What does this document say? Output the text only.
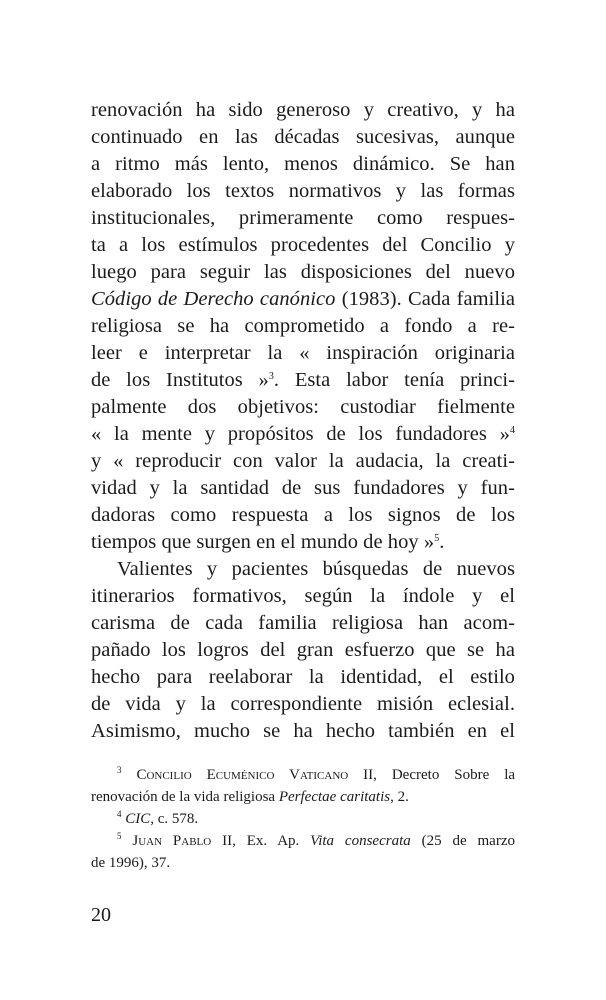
renovación ha sido generoso y creativo, y ha
continuado en las décadas sucesivas, aunque
a ritmo más lento, menos dinámico. Se han
elaborado los textos normativos y las formas
institucionales, primeramente como respues-
ta a los estímulos procedentes del Concilio y
luego para seguir las disposiciones del nuevo
Código de Derecho canónico (1983). Cada familia
religiosa se ha comprometido a fondo a re-
leer e interpretar la « inspiración originaria
de los Institutos »$^3$. Esta labor tenía princi-
palmente dos objetivos: custodiar fielmente
« la mente y propósitos de los fundadores »$^4$
y « reproducir con valor la audacia, la creati-
vidad y la santidad de sus fundadores y fun-
dadoras como respuesta a los signos de los
tiempos que surgen en el mundo de hoy »$^5$.
Valientes y pacientes búsquedas de nuevos
itinerarios formativos, según la índole y el
carisma de cada familia religiosa han acom-
pañado los logros del gran esfuerzo que se ha
hecho para reelaborar la identidad, el estilo
de vida y la correspondiente misión eclesial.
Asimismo, mucho se ha hecho también en el
$^3$ Concilio Ecuménico Vaticano II, Decreto Sobre la
renovación de la vida religiosa Perfectae caritatis, 2.
$^4$ CIC, c. 578.
$^5$ Juan Pablo II, Ex. Ap. Vita consecrata (25 de marzo
de 1996), 37.
20
